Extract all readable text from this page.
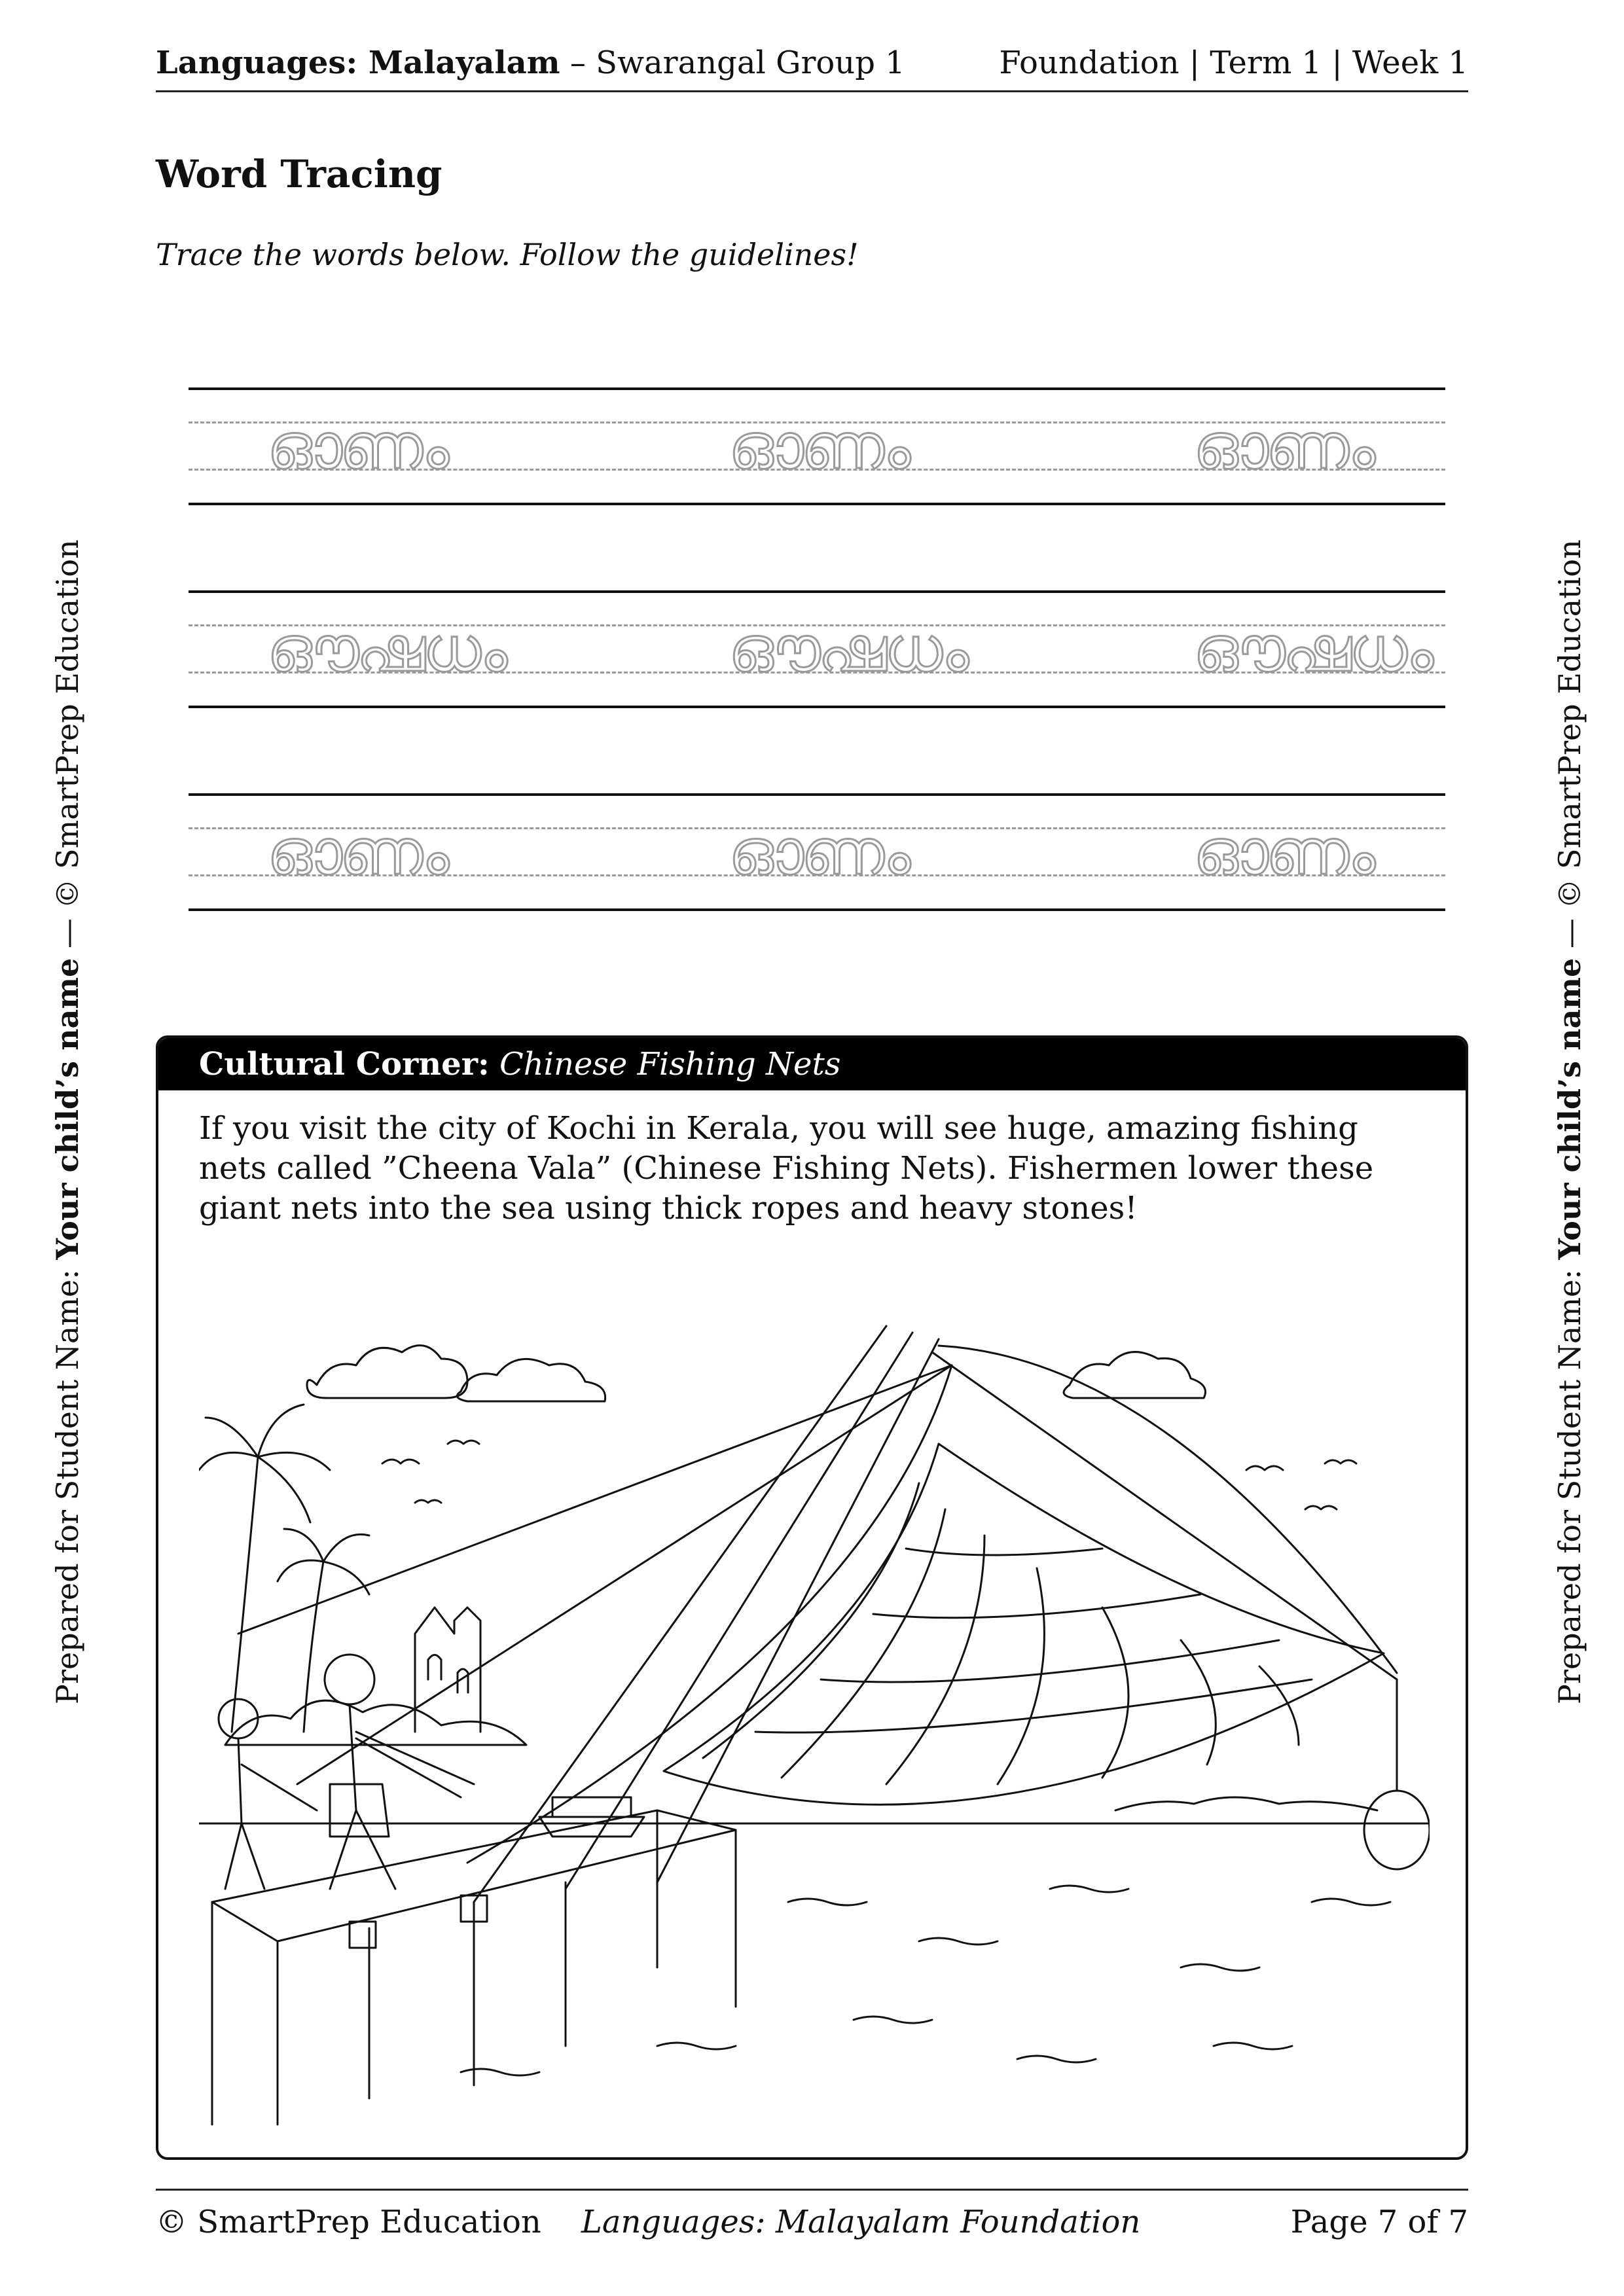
Languages: Malayalam – Swarangal Group 1	Foundation | Term 1 | Week 1
Word Tracing
Trace the words below. Follow the guidelines!
ഓണം	ഓണം	ഓണം
ഔഷധം	ഔഷധം	ഔഷധം
ഓണം	ഓണം	ഓണം
Prepared for Student Name: Your child’s name — © SmartPrep Education
Prepared for Student Name: Your child’s name — © SmartPrep Education
Cultural Corner: Chinese Fishing Nets
If you visit the city of Kochi in Kerala, you will see huge, amazing fishing nets called ”Cheena Vala” (Chinese Fishing Nets). Fishermen lower these giant nets into the sea using thick ropes and heavy stones!
© SmartPrep Education Languages: Malayalam Foundation	Page 7 of 7
